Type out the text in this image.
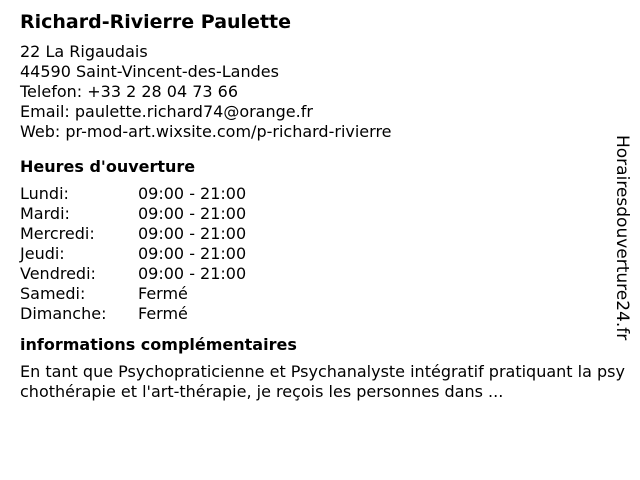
Richard-Rivierre Paulette
22 La Rigaudais
44590 Saint-Vincent-des-Landes
Telefon: +33 2 28 04 73 66
Email: paulette.richard74@orange.fr
Web: pr-mod-art.wixsite.com/p-richard-rivierre
Heures d'ouverture
Lundi:	09:00 - 21:00
Mardi:	09:00 - 21:00
Mercredi:	09:00 - 21:00
Jeudi:	09:00 - 21:00
Vendredi:	09:00 - 21:00
Samedi:	Fermé
Dimanche:	Fermé
informations complémentaires
En tant que Psychopraticienne et Psychanalyste intégratif pratiquant la psychothérapie et l'art-thérapie, je reçois les personnes dans ...
Horairesdouverture24.fr
